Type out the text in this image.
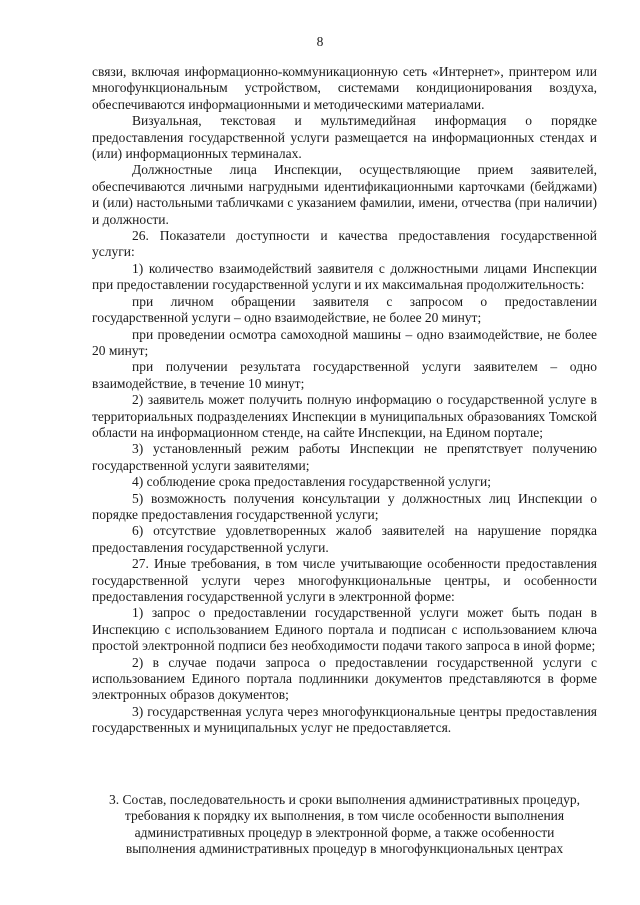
8

связи, включая информационно-коммуникационную сеть «Интернет», принтером или многофункциональным устройством, системами кондиционирования воздуха, обеспечиваются информационными и методическими материалами.

Визуальная, текстовая и мультимедийная информация о порядке предоставления государственной услуги размещается на информационных стендах и (или) информационных терминалах.

Должностные лица Инспекции, осуществляющие прием заявителей, обеспечиваются личными нагрудными идентификационными карточками (бейджами) и (или) настольными табличками с указанием фамилии, имени, отчества (при наличии) и должности.

26. Показатели доступности и качества предоставления государственной услуги:

1) количество взаимодействий заявителя с должностными лицами Инспекции при предоставлении государственной услуги и их максимальная продолжительность:

при личном обращении заявителя с запросом о предоставлении государственной услуги – одно взаимодействие, не более 20 минут;

при проведении осмотра самоходной машины – одно взаимодействие, не более 20 минут;

при получении результата государственной услуги заявителем – одно взаимодействие, в течение 10 минут;

2) заявитель может получить полную информацию о государственной услуге в территориальных подразделениях Инспекции в муниципальных образованиях Томской области на информационном стенде, на сайте Инспекции, на Едином портале;

3) установленный режим работы Инспекции не препятствует получению государственной услуги заявителями;

4) соблюдение срока предоставления государственной услуги;

5) возможность получения консультации у должностных лиц Инспекции о порядке предоставления государственной услуги;

6) отсутствие удовлетворенных жалоб заявителей на нарушение порядка предоставления государственной услуги.

27. Иные требования, в том числе учитывающие особенности предоставления государственной услуги через многофункциональные центры, и особенности предоставления государственной услуги в электронной форме:

1) запрос о предоставлении государственной услуги может быть подан в Инспекцию с использованием Единого портала и подписан с использованием ключа простой электронной подписи без необходимости подачи такого запроса в иной форме;

2) в случае подачи запроса о предоставлении государственной услуги с использованием Единого портала подлинники документов представляются в форме электронных образов документов;

3) государственная услуга через многофункциональные центры предоставления государственных и муниципальных услуг не предоставляется.

3. Состав, последовательность и сроки выполнения административных процедур,
требования к порядку их выполнения, в том числе особенности выполнения
административных процедур в электронной форме, а также особенности
выполнения административных процедур в многофункциональных центрах
